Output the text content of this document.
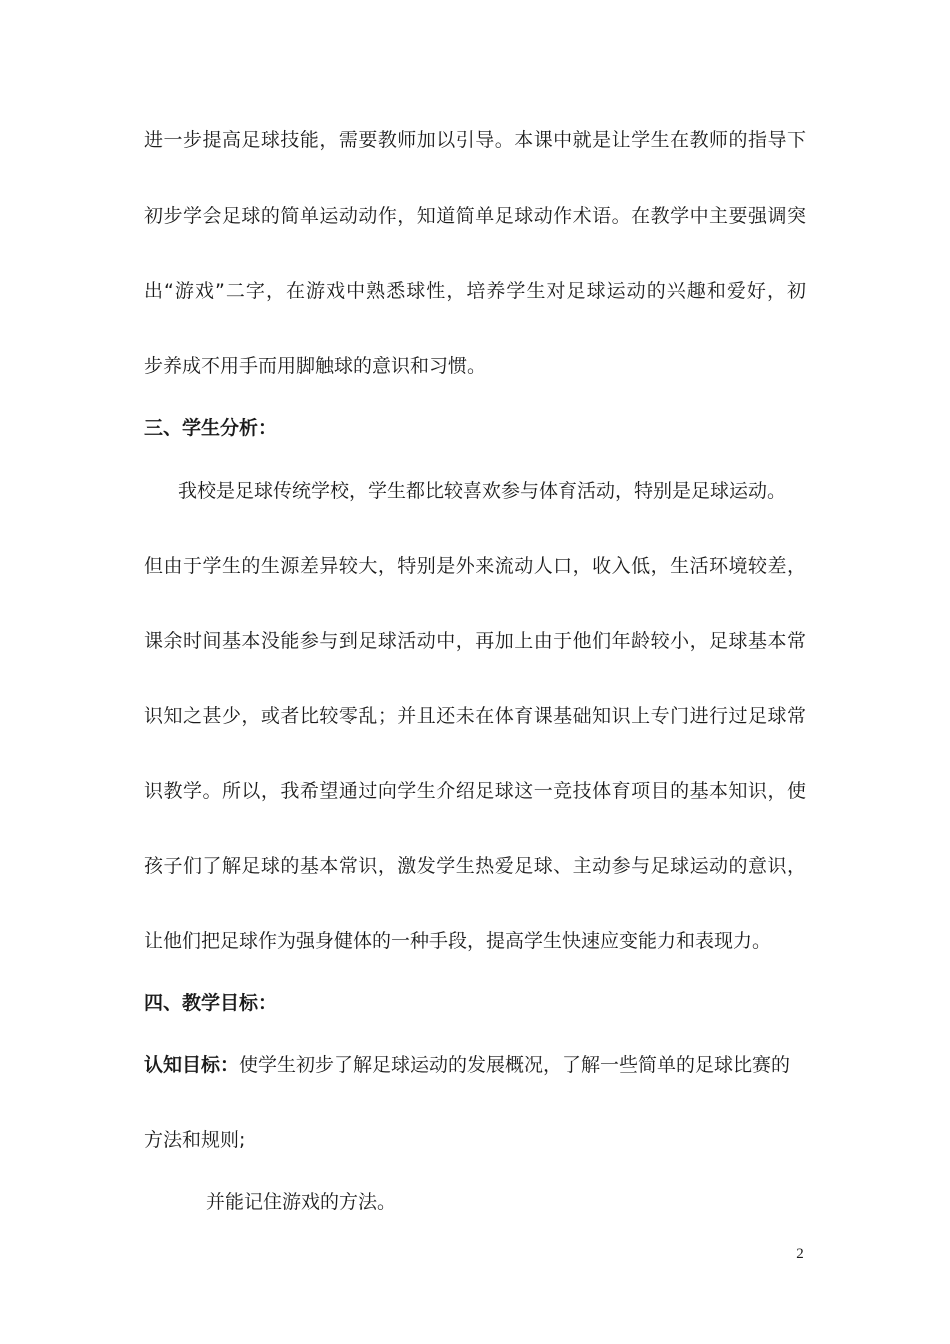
进一步提高足球技能，需要教师加以引导。本课中就是让学生在教师的指导下
初步学会足球的简单运动动作，知道简单足球动作术语。在教学中主要强调突
出“游戏”二字，在游戏中熟悉球性，培养学生对足球运动的兴趣和爱好，初
步养成不用手而用脚触球的意识和习惯。
三、学生分析：
我校是足球传统学校，学生都比较喜欢参与体育活动，特别是足球运动。
但由于学生的生源差异较大，特别是外来流动人口，收入低，生活环境较差，
课余时间基本没能参与到足球活动中，再加上由于他们年龄较小，足球基本常
识知之甚少，或者比较零乱；并且还未在体育课基础知识上专门进行过足球常
识教学。所以，我希望通过向学生介绍足球这一竞技体育项目的基本知识，使
孩子们了解足球的基本常识，激发学生热爱足球、主动参与足球运动的意识，
让他们把足球作为强身健体的一种手段，提高学生快速应变能力和表现力。
四、教学目标：
认知目标：使学生初步了解足球运动的发展概况，了解一些简单的足球比赛的
方法和规则;
并能记住游戏的方法。
2
